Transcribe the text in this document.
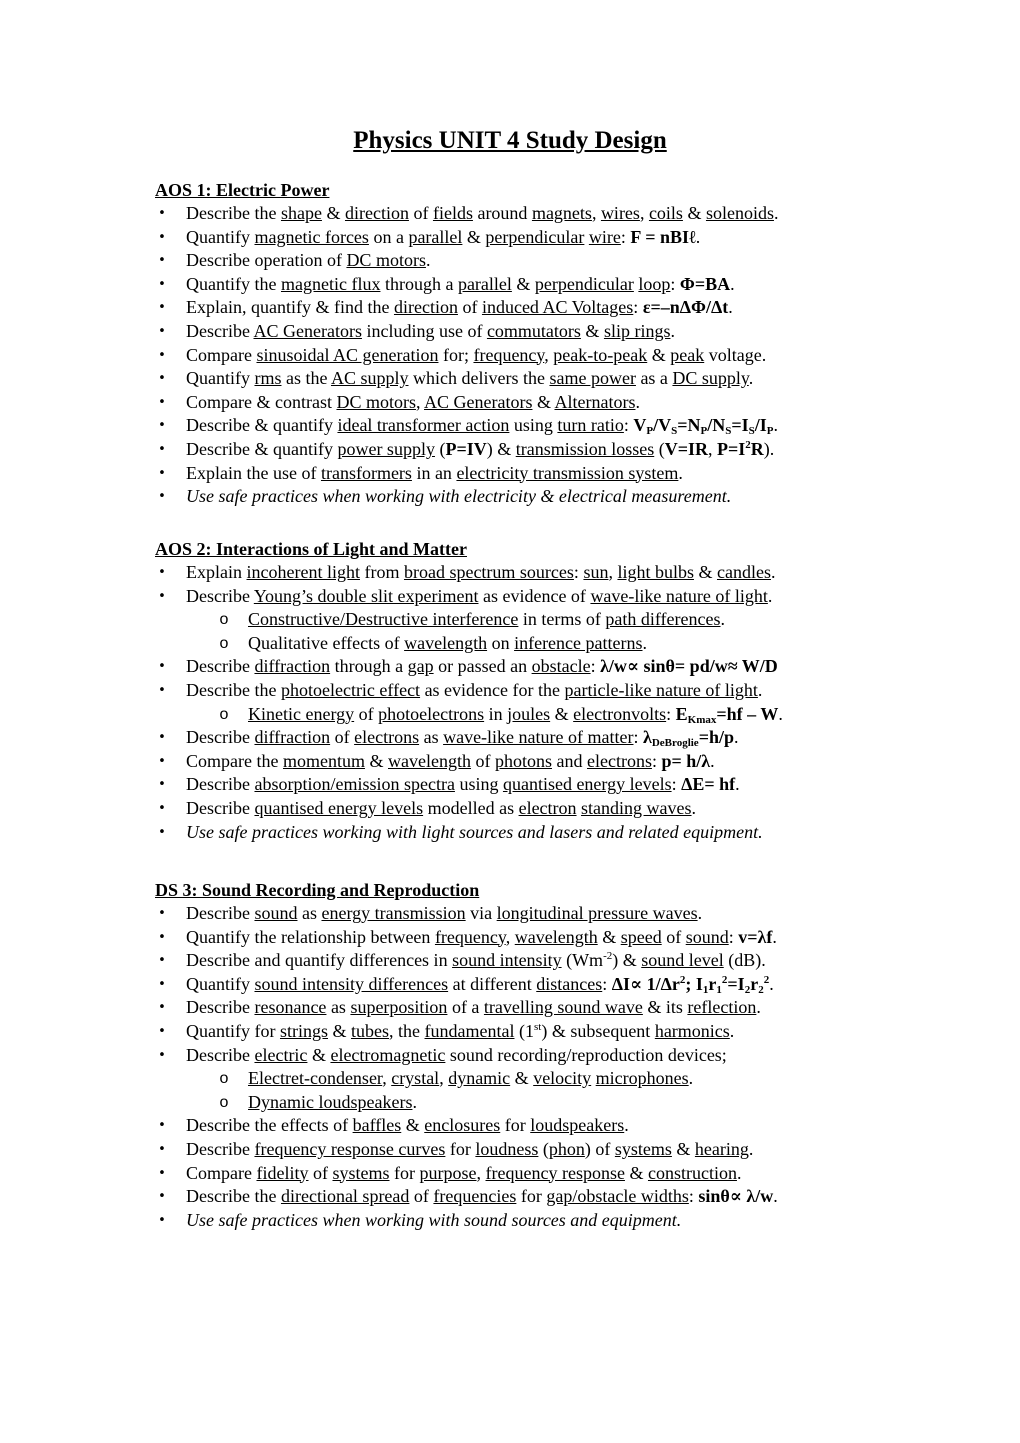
Physics UNIT 4 Study Design
AOS 1: Electric Power
• Describe the shape & direction of fields around magnets, wires, coils & solenoids.
• Quantify magnetic forces on a parallel & perpendicular wire: F = nBIℓ.
• Describe operation of DC motors.
• Quantify the magnetic flux through a parallel & perpendicular loop: Φ=BA.
• Explain, quantify & find the direction of induced AC Voltages: ε=–nΔΦ/Δt.
• Describe AC Generators including use of commutators & slip rings.
• Compare sinusoidal AC generation for; frequency, peak-to-peak & peak voltage.
• Quantify rms as the AC supply which delivers the same power as a DC supply.
• Compare & contrast DC motors, AC Generators & Alternators.
• Describe & quantify ideal transformer action using turn ratio: $V_P/V_S=N_P/N_S=I_S/I_P$.
• Describe & quantify power supply (P=IV) & transmission losses (V=IR, $P=I^2R$).
• Explain the use of transformers in an electricity transmission system.
• Use safe practices when working with electricity & electrical measurement.
AOS 2: Interactions of Light and Matter
• Explain incoherent light from broad spectrum sources: sun, light bulbs & candles.
• Describe Young’s double slit experiment as evidence of wave-like nature of light.
o Constructive/Destructive interference in terms of path differences.
o Qualitative effects of wavelength on inference patterns.
• Describe diffraction through a gap or passed an obstacle: λ/w∝ sinθ= pd/w≈ W/D
• Describe the photoelectric effect as evidence for the particle-like nature of light.
o Kinetic energy of photoelectrons in joules & electronvolts: $E_{Kmax}=hf - W$.
• Describe diffraction of electrons as wave-like nature of matter: $\lambda_{DeBroglie}=h/p$.
• Compare the momentum & wavelength of photons and electrons: p= h/λ.
• Describe absorption/emission spectra using quantised energy levels: ΔE= hf.
• Describe quantised energy levels modelled as electron standing waves.
• Use safe practices working with light sources and lasers and related equipment.
DS 3: Sound Recording and Reproduction
• Describe sound as energy transmission via longitudinal pressure waves.
• Quantify the relationship between frequency, wavelength & speed of sound: v=λf.
• Describe and quantify differences in sound intensity $(Wm^{-2})$ & sound level (dB).
• Quantify sound intensity differences at different distances: $\Delta I\propto 1/\Delta r^2$; $I_1r_1^2=I_2r_2^2$.
• Describe resonance as superposition of a travelling sound wave & its reflection.
• Quantify for strings & tubes, the fundamental (1st) & subsequent harmonics.
• Describe electric & electromagnetic sound recording/reproduction devices;
o Electret-condenser, crystal, dynamic & velocity microphones.
o Dynamic loudspeakers.
• Describe the effects of baffles & enclosures for loudspeakers.
• Describe frequency response curves for loudness (phon) of systems & hearing.
• Compare fidelity of systems for purpose, frequency response & construction.
• Describe the directional spread of frequencies for gap/obstacle widths: sinθ∝ λ/w.
• Use safe practices when working with sound sources and equipment.
